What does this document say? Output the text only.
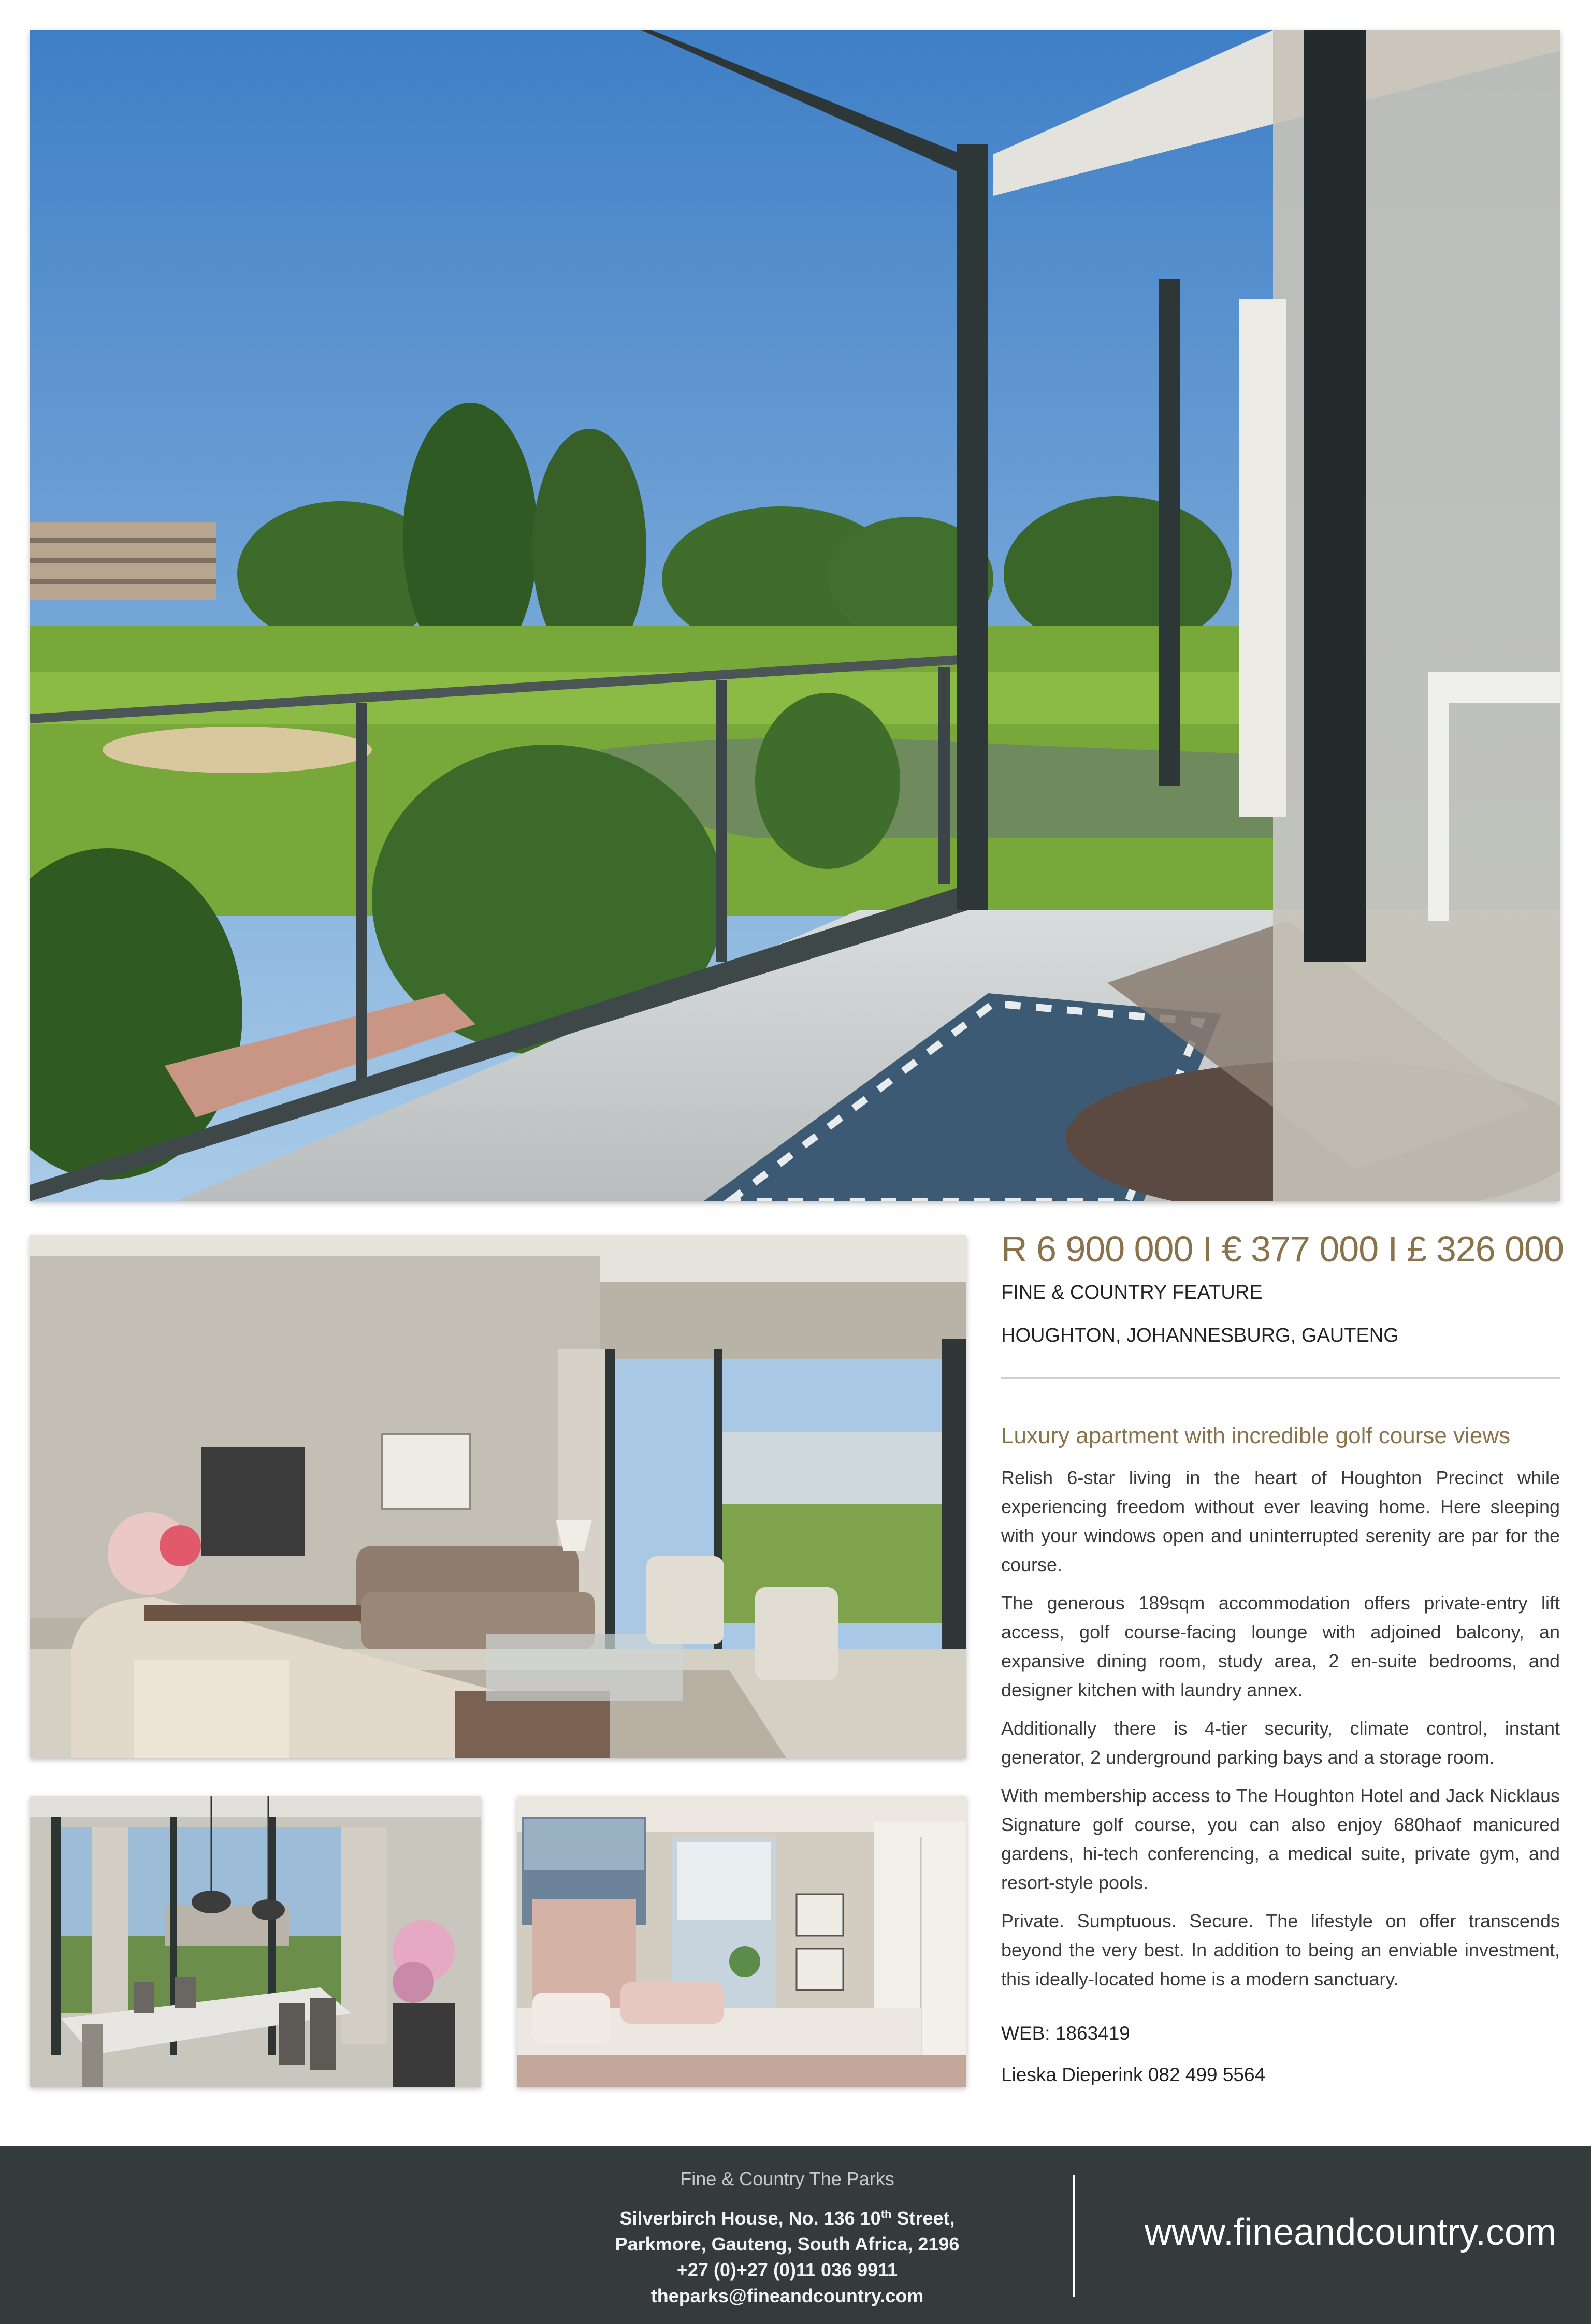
R 6 900 000 I € 377 000 I £ 326 000

FINE & COUNTRY FEATURE

HOUGHTON, JOHANNESBURG, GAUTENG

Luxury apartment with incredible golf course views

Relish 6-star living in the heart of Houghton Precinct while experiencing freedom without ever leaving home. Here sleeping with your windows open and uninterrupted serenity are par for the course.

The generous 189sqm accommodation offers private-entry lift access, golf course-facing lounge with adjoined balcony, an expansive dining room, study area, 2 en-suite bedrooms, and designer kitchen with laundry annex.

Additionally there is 4-tier security, climate control, instant generator, 2 underground parking bays and a storage room.

With membership access to The Houghton Hotel and Jack Nicklaus Signature golf course, you can also enjoy 680haof manicured gardens, hi-tech conferencing, a medical suite, private gym, and resort-style pools.

Private. Sumptuous. Secure. The lifestyle on offer transcends beyond the very best. In addition to being an enviable investment, this ideally-located home is a modern sanctuary.

WEB: 1863419

Lieska Dieperink 082 499 5564

Fine & Country The Parks

Silverbirch House, No. 136 10th Street,

Parkmore, Gauteng, South Africa, 2196

+27 (0)+27 (0)11 036 9911

theparks@fineandcountry.com

www.fineandcountry.com
